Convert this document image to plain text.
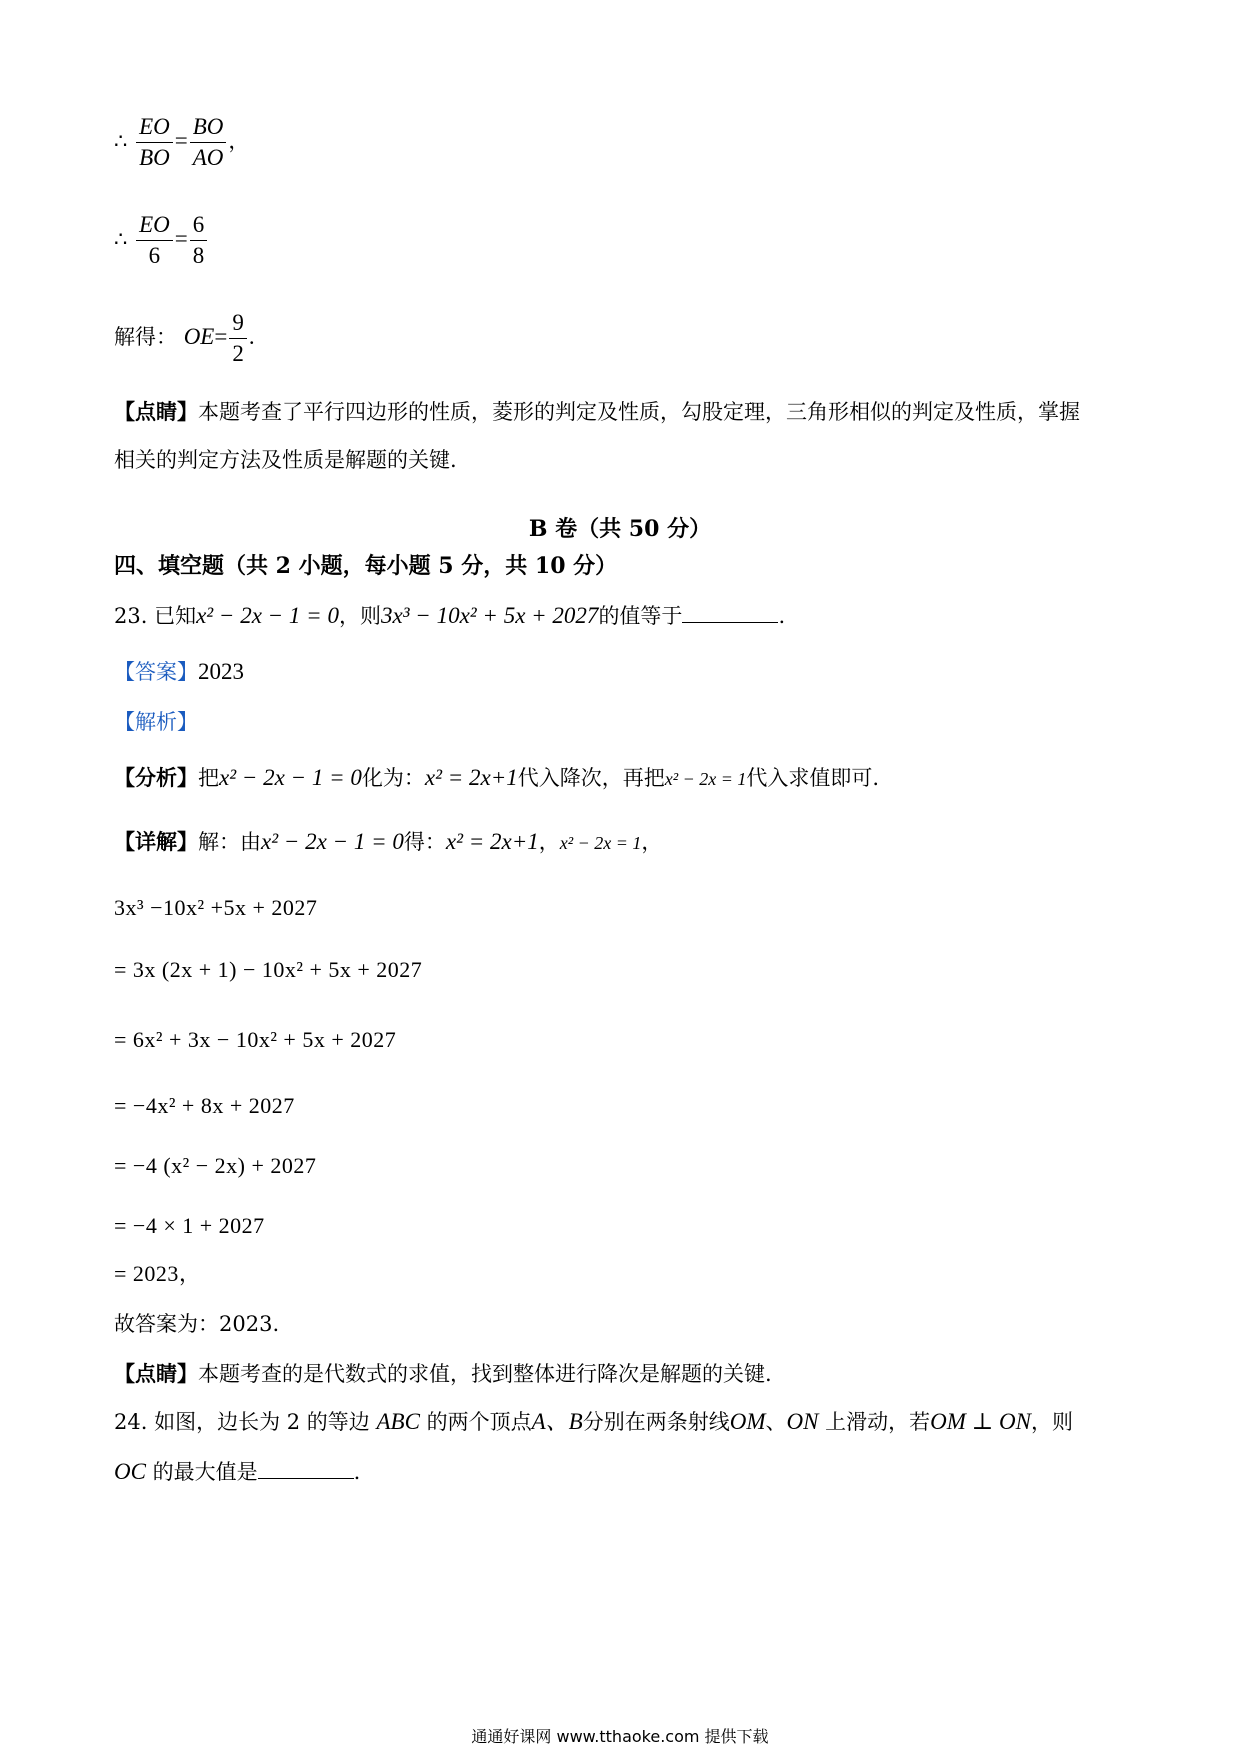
∴ $\frac{EO}{BO} = \frac{BO}{AO}$ ，
∴ $\frac{EO}{6} = \frac{6}{8}$
解得： $OE= \frac{9}{2}$ .
【点睛】本题考查了平行四边形的性质，菱形的判定及性质，勾股定理，三角形相似的判定及性质，掌握
相关的判定方法及性质是解题的关键.
B 卷（共 50 分）
四、填空题（共 2 小题，每小题 5 分，共 10 分）
23. 已知x² − 2x − 1 = 0，则3x³ − 10x² + 5x + 2027的值等于	.
【答案】2023
【解析】
【分析】把x² − 2x − 1 = 0化为：x² = 2x+1代入降次，再把x² − 2x = 1代入求值即可.
【详解】解：由x² − 2x − 1 = 0得：x² = 2x+1，x² − 2x = 1，
3x³ −10x² +5x + 2027
= 3x (2x + 1) − 10x² + 5x + 2027
= 6x² + 3x − 10x² + 5x + 2027
= −4x² + 8x + 2027
= −4 (x² − 2x) + 2027
= −4 × 1 + 2027
= 2023，
故答案为：2023.
【点睛】本题考查的是代数式的求值，找到整体进行降次是解题的关键.
24. 如图，边长为 2 的等边 ABC 的两个顶点A、B分别在两条射线OM、ON 上滑动，若OM ⊥ ON，则
OC 的最大值是	.
通通好课网 www.tthaoke.com 提供下载
